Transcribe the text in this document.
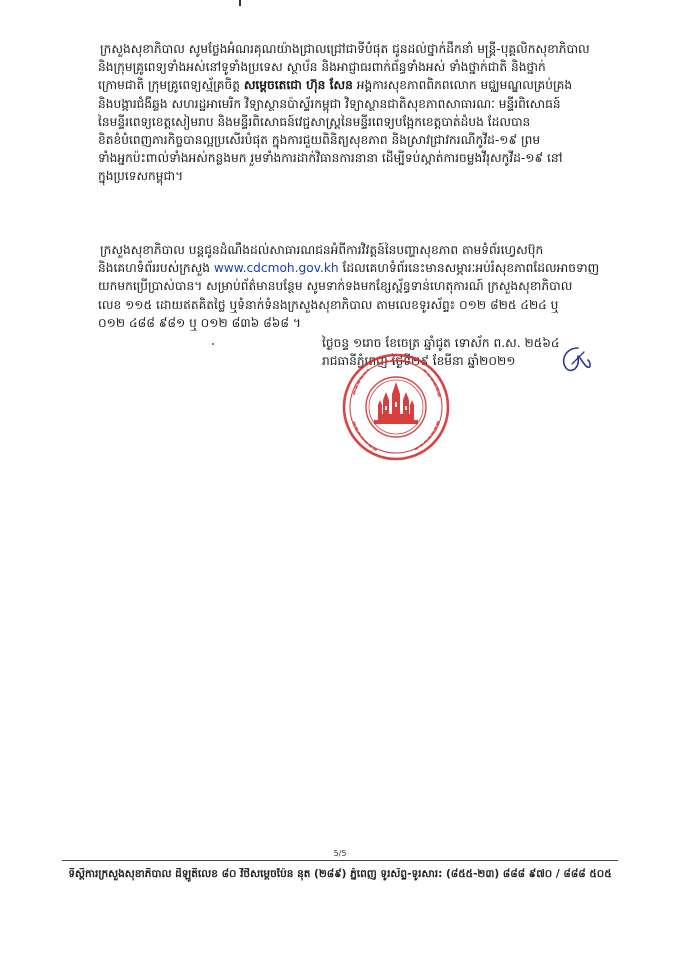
ក្រសួងសុខាភិបាល សូមថ្លែងអំណរគុណយ៉ាងជ្រាលជ្រៅជាទីបំផុត ជូនដល់ថ្នាក់ដឹកនាំ មន្ត្រី-បុគ្គលិកសុខាភិបាល
និងក្រុមគ្រូពេទ្យទាំងអស់នៅទូទាំងប្រទេស ស្ថាប័ន និងអាជ្ញាធរពាក់ព័ន្ធទាំងអស់ ទាំងថ្នាក់ជាតិ និងថ្នាក់
ក្រោមជាតិ ក្រុមគ្រូពេទ្យស្ម័គ្រចិត្ត សម្តេចតេជោ ហ៊ុន សែន អង្គការសុខភាពពិភពលោក មជ្ឈមណ្ឌលគ្រប់គ្រង
និងបង្ការជំងឺឆ្លង សហរដ្ឋអាមេរិក វិទ្យាស្ថានប៉ាស្ទ័រកម្ពុជា វិទ្យាស្ថានជាតិសុខភាពសាធារណៈ មន្ទីរពិសោធន៍
នៃមន្ទីរពេទ្យខេត្តសៀមរាប និងមន្ទីរពិសោធន៍វេជ្ជសាស្ត្រនៃមន្ទីរពេទ្យបង្អែកខេត្តបាត់ដំបង ដែលបាន
ខិតខំបំពេញភារកិច្ចបានល្អប្រសើរបំផុត ក្នុងការជួយពិនិត្យសុខភាព និងស្រាវជ្រាវករណីកូវីដ-១៩ ព្រម
ទាំងអ្នកប៉ះពាល់ទាំងអស់កន្លងមក រួមទាំងការដាក់វិធានការនានា ដើម្បីទប់ស្កាត់ការចម្លងវីរុសកូវីដ-១៩ នៅ
ក្នុងប្រទេសកម្ពុជា។
ក្រសួងសុខាភិបាល បន្តជូនដំណឹងដល់សាធារណជនអំពីការវិវត្តន៍នៃបញ្ហាសុខភាព តាមទំព័រហ្វេសប៊ុក
និងគេហទំព័ររបស់ក្រសួង www.cdcmoh.gov.kh ដែលគេហទំព័រនេះមានសម្ភារៈអប់រំសុខភាពដែលអាចទាញ
យកមកប្រើប្រាស់បាន។ សម្រាប់ព័ត៌មានបន្ថែម សូមទាក់ទងមកខ្សែស្ព័ន្ធទាន់ហេតុការណ៍ ក្រសួងសុខាភិបាល
លេខ ១១៥ ដោយឥតគិតថ្លៃ ឬទំនាក់ទំនងក្រសួងសុខាភិបាល តាមលេខទូរស័ព្ទ៖ ០១២ ៨២៥ ៤២៤ ឬ
០១២ ៤៨៨ ៩៨១ ឬ ០១២ ៨៣៦ ៨៦៨ ។
ថ្ងៃចន្ទ ១រោច ខែចេត្រ ឆ្នាំជូត ទោស័ក ព.ស. ២៥៦៤
រាជធានីភ្នំពេញ ថ្ងៃទី២៩ ខែមីនា ឆ្នាំ២០២១
5/5
ទីស្តីការក្រសួងសុខាភិបាល ដីឡូតិ៍លេខ ៨០ វិថីសម្តេចប៉ែន នុត (២៨៩) ភ្នំពេញ ទូរស័ព្ទ-ទូរសារ: (៨៥៥-២៣) ៨៨៨ ៩៧០ / ៨៨៨ ៥០៥
